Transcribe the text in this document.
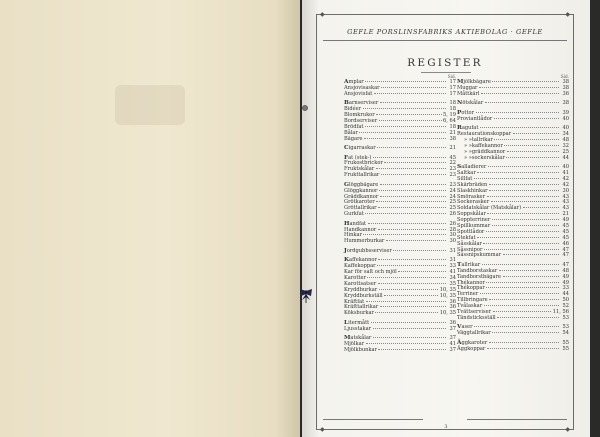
◆	◆
◆	◆
GEFLE PORSLINSFABRIKS AKTIEBOLAG · GEFLE
REGISTER
Sid.
Amplar	17
Ansjovisaskar	17
Ansjovisfat	17
Barnserviser	18
Bidéer	18
Blomkrukor	5, 19
Bordserviser	6, 64
Brödfat	18
Bålar	21
Bägare	38
Cigarraskar	21
Fat (stek-)	45
Frukostbrickor	22
Fruktskålar	23
Frukttallrikar	23
Glöggbägare	23
Glöggkannor	24
Gräddkannor	24
Grötkaroter	25
Gröttallrikar	25
Gurkfat	26
Handfat	26
Handkannor	28
Hinkar	30
Hummerburkar	30
Jordgubbsserviser	31
Kaffekannor	31
Kaffekoppar	33
Kar för salt och mjöl	41
Karotter	34
Karottsatser	35
Kryddburkar	10, 35
Kryddburkställ	10, 35
Kräftfat	36
Kräfttallrikar	36
Köksburkar	10, 35
Litermått	36
Ljusstakar	37
Matskålar	37
Mjölkar	41
Mjölkbunkar	37
Sid.
Mjölkbägare	38
Muggar	38
Måttkärl	36
Nötskålar	38
Pottor	39
Proviantlådor	40
Ragufat	40
Restaurationskoppar	34
» »tallrikar	48
» »kaffekannor	32
» »gräddkannor	25
» »sockerskålar	44
Salladierer	40
Saltkar	41
Sillfat	42
Skärbräden	42
Slaskhinkar	30
Smörasker	43
Sockerasker	43
Soldatskålar (Matskålar)	43
Soppskålar	21
Soppterriner	49
Spillkummar	45
Spottlådor	45
Stekfat	45
Såsskålar	46
Såssnipor	47
Såssnipskummar	47
Tallrikar	47
Tandborstaskar	48
Tandborstbägare	49
Thékannor	49
Thékoppar	33
Terriner	44
Tillbringare	50
Tvålaskar	52
Tvättserviser	11, 56
Tändsticksställ	53
Vaser	53
Väggtallrikar	54
Äggkaroter	55
Äggkoppar	55
3
